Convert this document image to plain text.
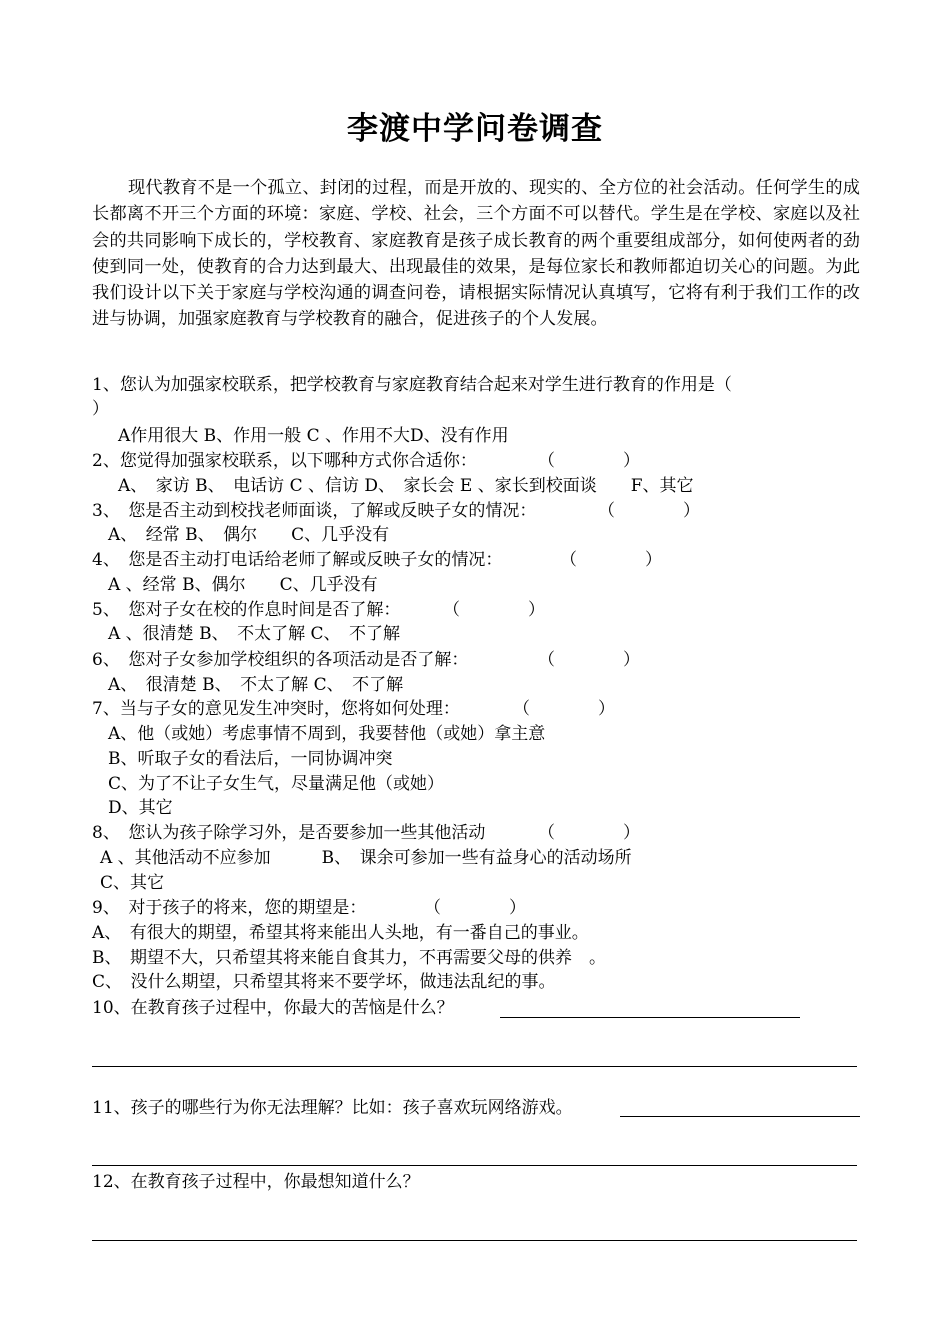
李渡中学问卷调查
现代教育不是一个孤立、封闭的过程，而是开放的、现实的、全方位的社会活动。任何学生的成长都离不开三个方面的环境：家庭、学校、社会，三个方面不可以替代。学生是在学校、家庭以及社会的共同影响下成长的，学校教育、家庭教育是孩子成长教育的两个重要组成部分，如何使两者的劲使到同一处，使教育的合力达到最大、出现最佳的效果，是每位家长和教师都迫切关心的问题。为此我们设计以下关于家庭与学校沟通的调查问卷，请根据实际情况认真填写，它将有利于我们工作的改进与协调，加强家庭教育与学校教育的融合，促进孩子的个人发展。
1、您认为加强家校联系，把学校教育与家庭教育结合起来对学生进行教育的作用是（
）
A作用很大 B、作用一般 C 、作用不大D、没有作用
2、您觉得加强家校联系，以下哪种方式你合适你：	（　　　　）
A、　家访 B、　电话访 C 、信访 D、　家长会 E 、家长到校面谈　　F、其它
3、　您是否主动到校找老师面谈，了解或反映子女的情况：	（　　　　）
A、　经常 B、　偶尔　　C、几乎没有
4、　您是否主动打电话给老师了解或反映子女的情况：	（　　　　）
A 、经常 B、偶尔　　C、几乎没有
5、　您对子女在校的作息时间是否了解：	（　　　　）
A 、很清楚 B、　不太了解 C、　不了解
6、　您对子女参加学校组织的各项活动是否了解：	（　　　　）
A、　很清楚 B、　不太了解 C、　不了解
7、当与子女的意见发生冲突时，您将如何处理：	（　　　　）
A、他（或她）考虑事情不周到，我要替他（或她）拿主意
B、听取子女的看法后，一同协调冲突
C、为了不让子女生气，尽量满足他（或她）
D、其它
8、　您认为孩子除学习外，是否要参加一些其他活动	（　　　　）
A 、其他活动不应参加　　　B、　课余可参加一些有益身心的活动场所
C、其它
9、　对于孩子的将来，您的期望是：	（　　　　）
A、　有很大的期望，希望其将来能出人头地，有一番自己的事业。
B、　期望不大，只希望其将来能自食其力，不再需要父母的供养　。
C、　没什么期望，只希望其将来不要学坏，做违法乱纪的事。
10、在教育孩子过程中，你最大的苦恼是什么？
11、孩子的哪些行为你无法理解？比如：孩子喜欢玩网络游戏。
12、在教育孩子过程中，你最想知道什么？
